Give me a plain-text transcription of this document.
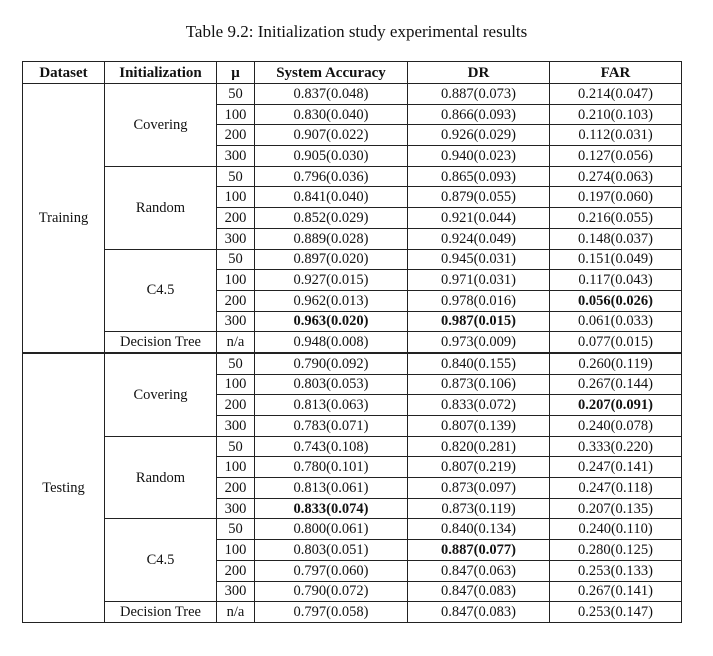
Table 9.2: Initialization study experimental results
Dataset	Initialization	μ	System Accuracy	DR	FAR
Training	Covering	50	0.837(0.048)	0.887(0.073)	0.214(0.047)
		100	0.830(0.040)	0.866(0.093)	0.210(0.103)
		200	0.907(0.022)	0.926(0.029)	0.112(0.031)
		300	0.905(0.030)	0.940(0.023)	0.127(0.056)
	Random	50	0.796(0.036)	0.865(0.093)	0.274(0.063)
		100	0.841(0.040)	0.879(0.055)	0.197(0.060)
		200	0.852(0.029)	0.921(0.044)	0.216(0.055)
		300	0.889(0.028)	0.924(0.049)	0.148(0.037)
	C4.5	50	0.897(0.020)	0.945(0.031)	0.151(0.049)
		100	0.927(0.015)	0.971(0.031)	0.117(0.043)
		200	0.962(0.013)	0.978(0.016)	0.056(0.026)
		300	0.963(0.020)	0.987(0.015)	0.061(0.033)
	Decision Tree	n/a	0.948(0.008)	0.973(0.009)	0.077(0.015)
Testing	Covering	50	0.790(0.092)	0.840(0.155)	0.260(0.119)
		100	0.803(0.053)	0.873(0.106)	0.267(0.144)
		200	0.813(0.063)	0.833(0.072)	0.207(0.091)
		300	0.783(0.071)	0.807(0.139)	0.240(0.078)
	Random	50	0.743(0.108)	0.820(0.281)	0.333(0.220)
		100	0.780(0.101)	0.807(0.219)	0.247(0.141)
		200	0.813(0.061)	0.873(0.097)	0.247(0.118)
		300	0.833(0.074)	0.873(0.119)	0.207(0.135)
	C4.5	50	0.800(0.061)	0.840(0.134)	0.240(0.110)
		100	0.803(0.051)	0.887(0.077)	0.280(0.125)
		200	0.797(0.060)	0.847(0.063)	0.253(0.133)
		300	0.790(0.072)	0.847(0.083)	0.267(0.141)
	Decision Tree	n/a	0.797(0.058)	0.847(0.083)	0.253(0.147)
